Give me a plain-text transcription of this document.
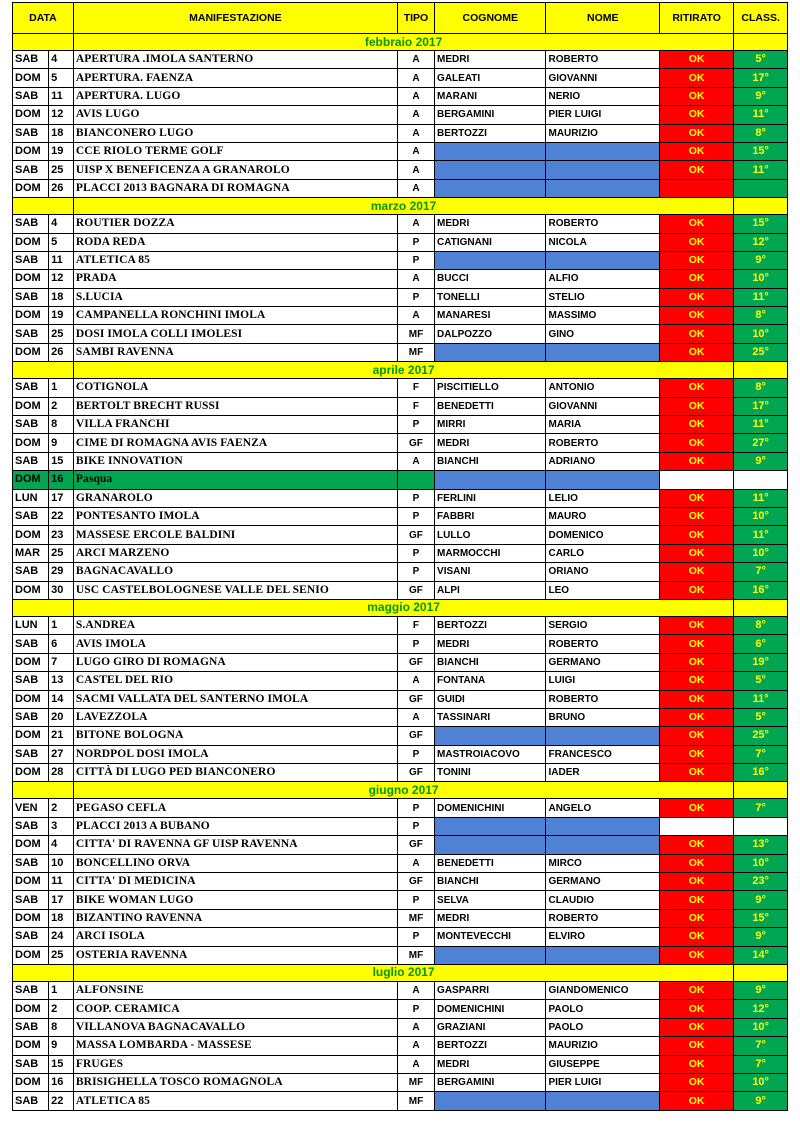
DATA		MANIFESTAZIONE	TIPO	COGNOME	NOME	RITIRATO	CLASS.
		febbraio 2017					
SAB	4	APERTURA .IMOLA SANTERNO	A	MEDRI	ROBERTO	OK	5°
DOM	5	APERTURA. FAENZA	A	GALEATI	GIOVANNI	OK	17°
SAB	11	APERTURA. LUGO	A	MARANI	NERIO	OK	9°
DOM	12	AVIS LUGO	A	BERGAMINI	PIER LUIGI	OK	11°
SAB	18	BIANCONERO LUGO	A	BERTOZZI	MAURIZIO	OK	8°
DOM	19	CCE RIOLO TERME GOLF	A			OK	15°
SAB	25	UISP X BENEFICENZA A GRANAROLO	A			OK	11°
DOM	26	PLACCI 2013 BAGNARA DI ROMAGNA	A				
		marzo 2017					
SAB	4	ROUTIER DOZZA	A	MEDRI	ROBERTO	OK	15°
DOM	5	RODA REDA	P	CATIGNANI	NICOLA	OK	12°
SAB	11	ATLETICA 85	P			OK	9°
DOM	12	PRADA	A	BUCCI	ALFIO	OK	10°
SAB	18	S.LUCIA	P	TONELLI	STELIO	OK	11°
DOM	19	CAMPANELLA RONCHINI IMOLA	A	MANARESI	MASSIMO	OK	8°
SAB	25	DOSI IMOLA COLLI IMOLESI	MF	DALPOZZO	GINO	OK	10°
DOM	26	SAMBI RAVENNA	MF			OK	25°
		aprile 2017					
SAB	1	COTIGNOLA	F	PISCITIELLO	ANTONIO	OK	8°
DOM	2	BERTOLT BRECHT RUSSI	F	BENEDETTI	GIOVANNI	OK	17°
SAB	8	VILLA FRANCHI	P	MIRRI	MARIA	OK	11°
DOM	9	CIME DI ROMAGNA AVIS FAENZA	GF	MEDRI	ROBERTO	OK	27°
SAB	15	BIKE INNOVATION	A	BIANCHI	ADRIANO	OK	9°
DOM	16	Pasqua					
LUN	17	GRANAROLO	P	FERLINI	LELIO	OK	11°
SAB	22	PONTESANTO IMOLA	P	FABBRI	MAURO	OK	10°
DOM	23	MASSESE ERCOLE BALDINI	GF	LULLO	DOMENICO	OK	11°
MAR	25	ARCI MARZENO	P	MARMOCCHI	CARLO	OK	10°
SAB	29	BAGNACAVALLO	P	VISANI	ORIANO	OK	7°
DOM	30	USC CASTELBOLOGNESE VALLE DEL SENIO	GF	ALPI	LEO	OK	16°
		maggio 2017					
LUN	1	S.ANDREA	F	BERTOZZI	SERGIO	OK	8°
SAB	6	AVIS IMOLA	P	MEDRI	ROBERTO	OK	6°
DOM	7	LUGO GIRO DI ROMAGNA	GF	BIANCHI	GERMANO	OK	19°
SAB	13	CASTEL DEL RIO	A	FONTANA	LUIGI	OK	5°
DOM	14	SACMI VALLATA DEL SANTERNO IMOLA	GF	GUIDI	ROBERTO	OK	11°
SAB	20	LAVEZZOLA	A	TASSINARI	BRUNO	OK	5°
DOM	21	BITONE BOLOGNA	GF			OK	25°
SAB	27	NORDPOL DOSI IMOLA	P	MASTROIACOVO	FRANCESCO	OK	7°
DOM	28	CITTÀ DI LUGO PED BIANCONERO	GF	TONINI	IADER	OK	16°
		giugno 2017					
VEN	2	PEGASO CEFLA	P	DOMENICHINI	ANGELO	OK	7°
SAB	3	PLACCI 2013 A BUBANO	P				
DOM	4	CITTA' DI RAVENNA GF UISP RAVENNA	GF			OK	13°
SAB	10	BONCELLINO ORVA	A	BENEDETTI	MIRCO	OK	10°
DOM	11	CITTA' DI MEDICINA	GF	BIANCHI	GERMANO	OK	23°
SAB	17	BIKE WOMAN LUGO	P	SELVA	CLAUDIO	OK	9°
DOM	18	BIZANTINO RAVENNA	MF	MEDRI	ROBERTO	OK	15°
SAB	24	ARCI ISOLA	P	MONTEVECCHI	ELVIRO	OK	9°
DOM	25	OSTERIA RAVENNA	MF			OK	14°
		luglio 2017					
SAB	1	ALFONSINE	A	GASPARRI	GIANDOMENICO	OK	9°
DOM	2	COOP. CERAMICA	P	DOMENICHINI	PAOLO	OK	12°
SAB	8	VILLANOVA BAGNACAVALLO	A	GRAZIANI	PAOLO	OK	10°
DOM	9	MASSA LOMBARDA - MASSESE	A	BERTOZZI	MAURIZIO	OK	7°
SAB	15	FRUGES	A	MEDRI	GIUSEPPE	OK	7°
DOM	16	BRISIGHELLA TOSCO ROMAGNOLA	MF	BERGAMINI	PIER LUIGI	OK	10°
SAB	22	ATLETICA 85	MF			OK	9°
